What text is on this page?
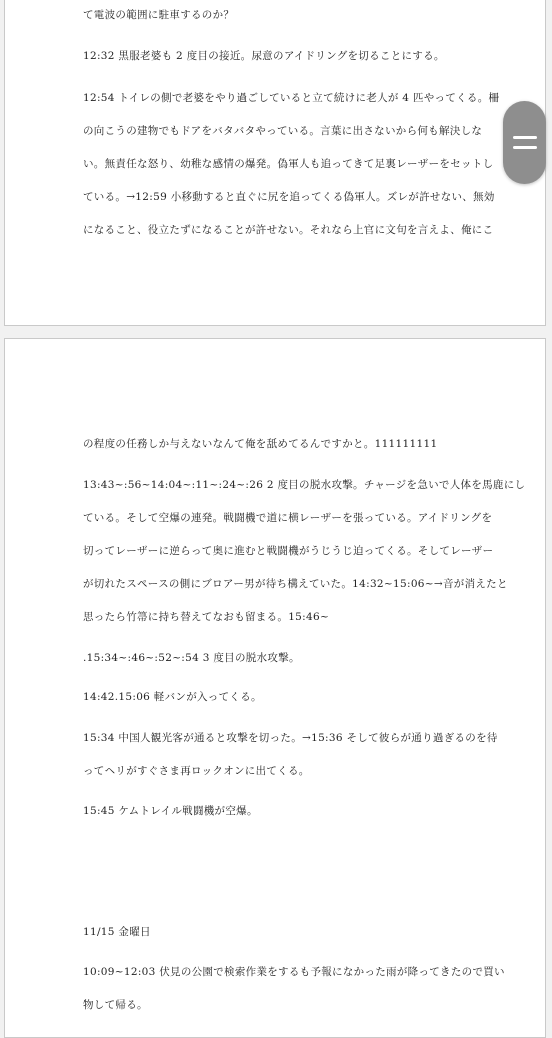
て電波の範囲に駐車するのか？

12:32 黒服老婆も 2 度目の接近。尿意のアイドリングを切ることにする。

12:54 トイレの側で老婆をやり過ごしていると立て続けに老人が 4 匹やってくる。柵

の向こうの建物でもドアをバタバタやっている。言葉に出さないから何も解決しな

い。無責任な怒り、幼稚な感情の爆発。偽軍人も追ってきて足裏レーザーをセットし

ている。→12:59 小移動すると直ぐに尻を追ってくる偽軍人。ズレが許せない、無効

になること、役立たずになることが許せない。それなら上官に文句を言えよ、俺にこ

の程度の任務しか与えないなんて俺を舐めてるんですかと。111111111

13:43~:56~14:04~:11~:24~:26 2 度目の脱水攻撃。チャージを急いで人体を馬鹿にし

ている。そして空爆の連発。戦闘機で道に横レーザーを張っている。アイドリングを

切ってレーザーに逆らって奥に進むと戦闘機がうじうじ迫ってくる。そしてレーザー

が切れたスペースの側にブロアー男が待ち構えていた。14:32~15:06~→音が消えたと

思ったら竹箒に持ち替えてなおも留まる。15:46~

.15:34~:46~:52~:54 3 度目の脱水攻撃。

14:42.15:06 軽バンが入ってくる。

15:34 中国人観光客が通ると攻撃を切った。→15:36 そして彼らが通り過ぎるのを待

ってヘリがすぐさま再ロックオンに出てくる。

15:45 ケムトレイル戦闘機が空爆。

11/15 金曜日

10:09~12:03 伏見の公園で検索作業をするも予報になかった雨が降ってきたので買い

物して帰る。
